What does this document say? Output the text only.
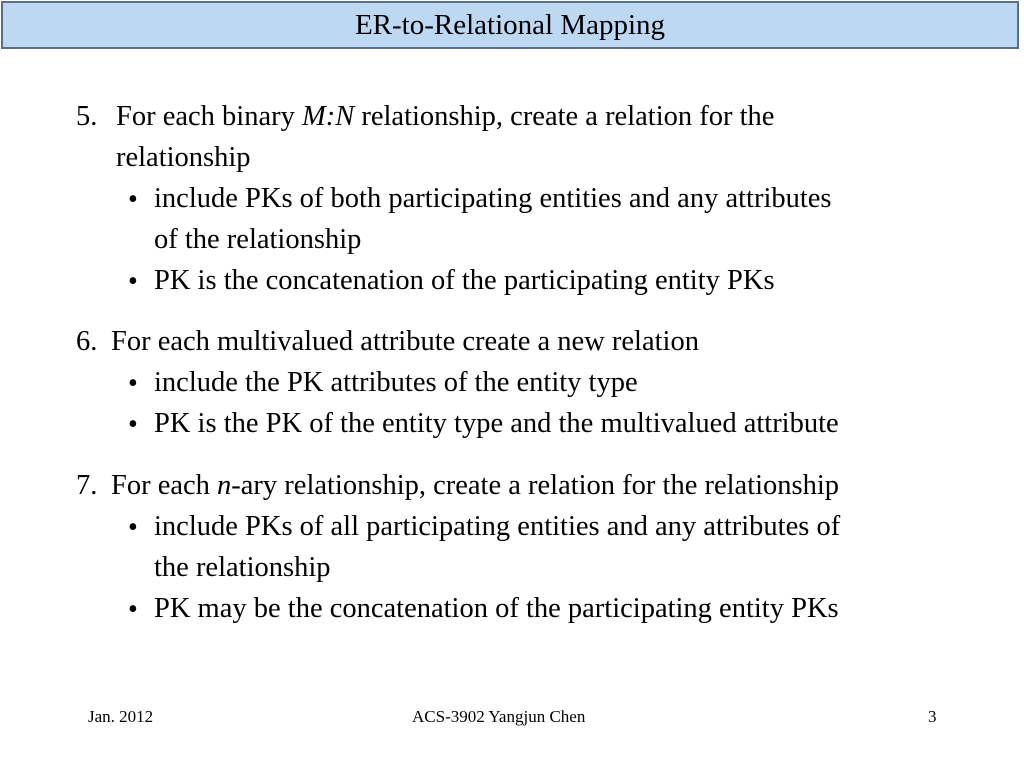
ER-to-Relational Mapping
5. For each binary M:N relationship, create a relation for the
relationship
• include PKs of both participating entities and any attributes
of the relationship
• PK is the concatenation of the participating entity PKs
6. For each multivalued attribute create a new relation
• include the PK attributes of the entity type
• PK is the PK of the entity type and the multivalued attribute
7. For each n-ary relationship, create a relation for the relationship
• include PKs of all participating entities and any attributes of
the relationship
• PK may be the concatenation of the participating entity PKs
Jan. 2012	ACS-3902 Yangjun Chen	3
